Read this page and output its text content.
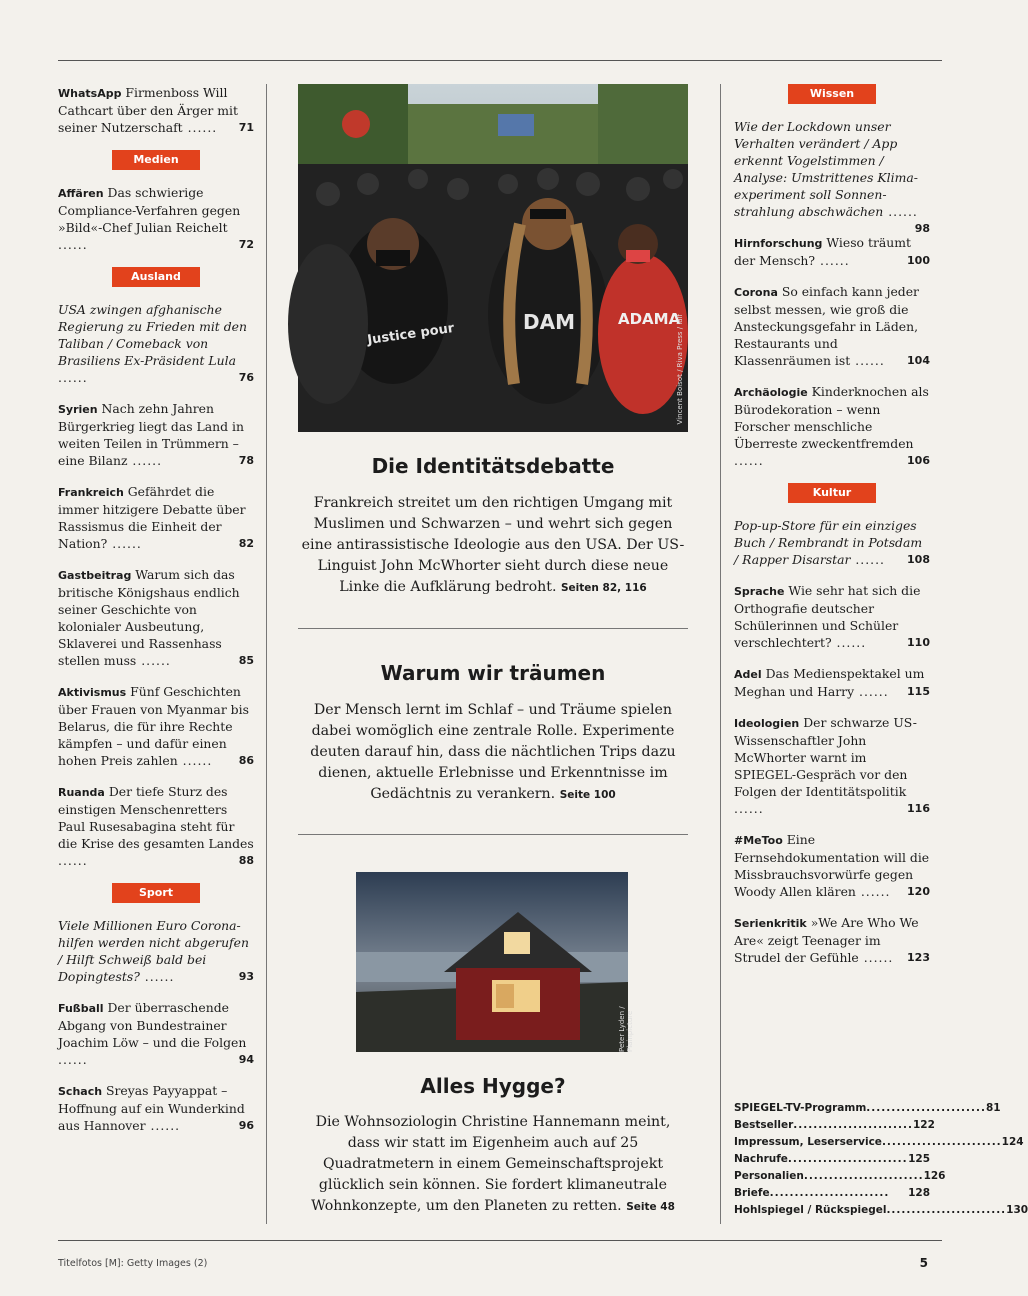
WhatsApp Firmenboss Will Cathcart über den Ärger mit seiner Nutzerschaft ...... 71
Medien
Affären Das schwierige Compliance-Verfahren gegen »Bild«-Chef Julian Reichelt ......	72
Ausland
USA zwingen afghanische Regierung zu Frieden mit den Taliban / Comeback von Brasiliens Ex-Präsident Lula ......	76
Syrien Nach zehn Jahren Bürgerkrieg liegt das Land in weiten Teilen in Trümmern – eine Bilanz ......	78
Frankreich Gefährdet die immer hitzigere Debatte über Rassismus die Einheit der Nation? ......	82
Gastbeitrag Warum sich das britische Königshaus endlich seiner Geschichte von kolonialer Ausbeutung, Sklaverei und Rassenhass stellen muss ......	85
Aktivismus Fünf Geschichten über Frauen von Myanmar bis Belarus, die für ihre Rechte kämpfen – und dafür einen hohen Preis zahlen ...... 86
Ruanda Der tiefe Sturz des einstigen Menschenretters Paul Rusesabagina steht für die Krise des gesamten Landes ......	88
Sport
Viele Millionen Euro Corona-hilfen werden nicht abgerufen / Hilft Schweiß bald bei Dopingtests? ......	93
Fußball Der überraschende Abgang von Bundestrainer Joachim Löw – und die Folgen ......	94
Schach Sreyas Payyappat – Hoffnung auf ein Wunderkind aus Hannover ......	96
Wissen
Wie der Lockdown unser Verhalten verändert / App erkennt Vogelstimmen / Analyse: Umstrittenes Klima-experiment soll Sonnen-strahlung abschwächen ......
98
Hirnforschung Wieso träumt der Mensch? ......	100
Corona So einfach kann jeder selbst messen, wie groß die Ansteckungsgefahr in Läden, Restaurants und Klassenräumen ist ...... 104
Archäologie Kinderknochen als Bürodekoration – wenn Forscher menschliche Überreste zweckentfremden ......	106
Kultur
Pop-up-Store für ein einziges Buch / Rembrandt in Potsdam / Rapper Disarstar ...... 108
Sprache Wie sehr hat sich die Orthografie deutscher Schülerinnen und Schüler verschlechtert? ......	110
Adel Das Medienspektakel um Meghan und Harry ...... 115
Ideologien Der schwarze US-Wissenschaftler John McWhorter warnt im SPIEGEL-Gespräch vor den Folgen der Identitätspolitik ......	116
#MeToo Eine Fernsehdokumentation will die Missbrauchsvorwürfe gegen Woody Allen klären ...... 120
Serienkritik »We Are Who We Are« zeigt Teenager im Strudel der Gefühle ...... 123
Justice pour	DAM	ADAMA
Vincent Boisot / Riva Press / laif
Die Identitätsdebatte
Frankreich streitet um den richtigen Umgang mit Muslimen und Schwarzen – und wehrt sich gegen eine antirassistische Ideologie aus den USA. Der US-Linguist John McWhorter sieht durch diese neue Linke die Aufklärung bedroht. Seiten 82, 116
Warum wir träumen
Der Mensch lernt im Schlaf – und Träume spielen dabei womöglich eine zentrale Rolle. Experimente deuten darauf hin, dass die nächtlichen Trips dazu dienen, aktuelle Erlebnisse und Erkenntnisse im Gedächtnis zu verankern. Seite 100
Peter Lyden / Plainpicture
Alles Hygge?
Die Wohnsoziologin Christine Hannemann meint, dass wir statt im Eigenheim auch auf 25 Quadratmetern in einem Gemeinschaftsprojekt glücklich sein können. Sie fordert klimaneutrale Wohnkonzepte, um den Planeten zu retten. Seite 48
SPIEGEL-TV-Programm ........................ 81
Bestseller ........................ 122
Impressum, Leserservice ........................ 124
Nachrufe ........................ 125
Personalien ........................ 126
Briefe ........................	128
Hohlspiegel / Rückspiegel ........................ 130
Titelfotos [M]: Getty Images (2)	5
